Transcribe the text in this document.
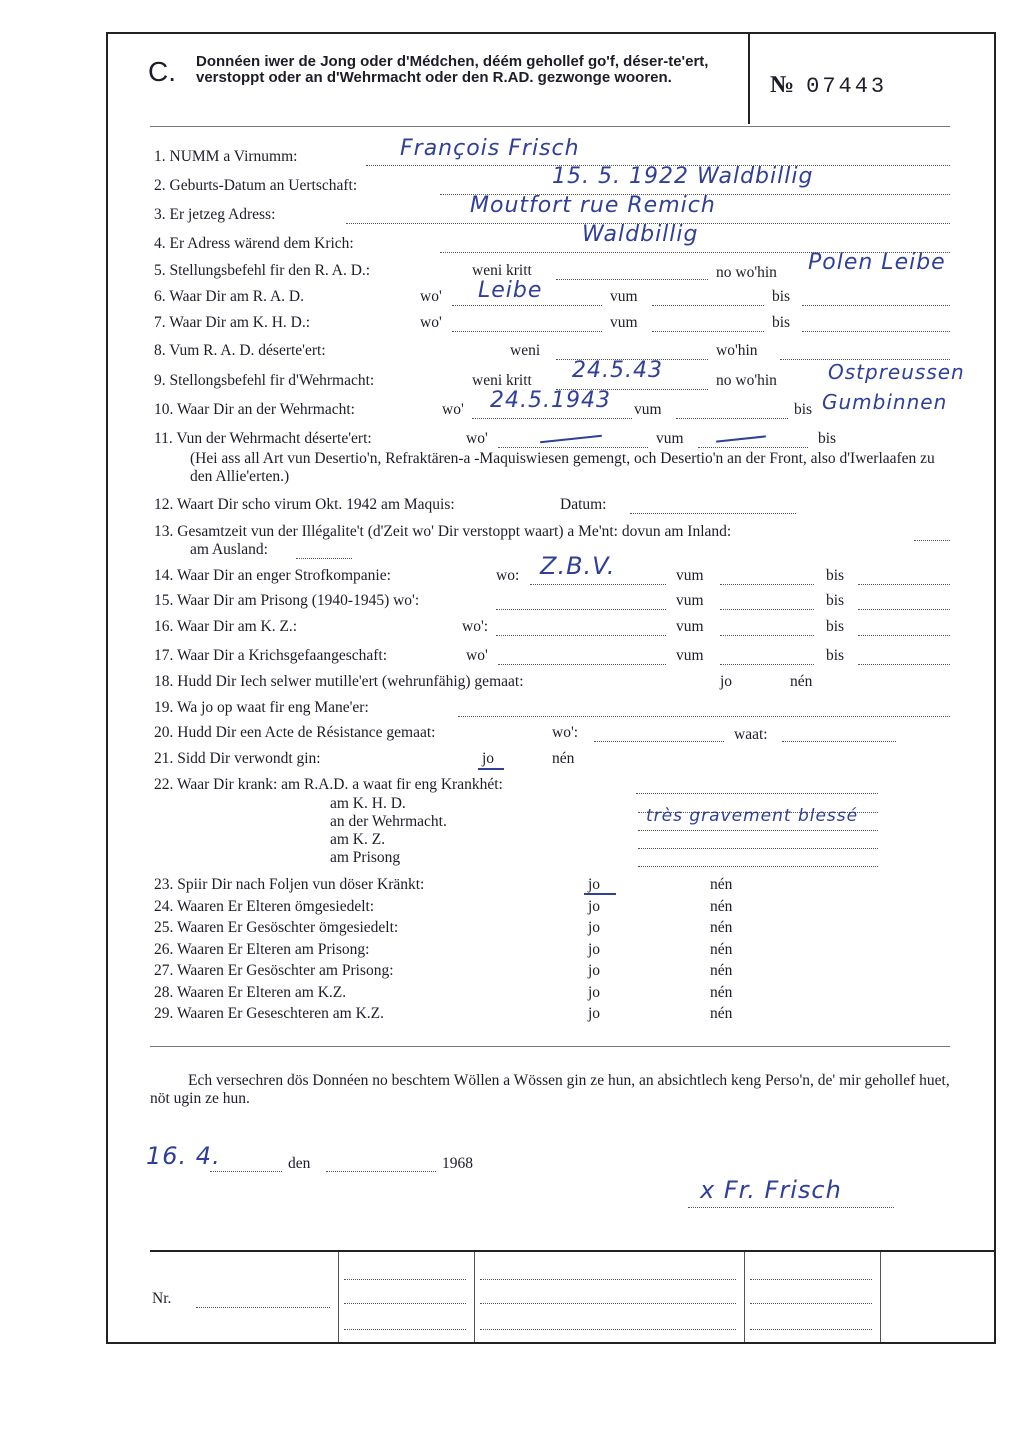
C. Donnéen iwer de Jong oder d'Médchen, déém gehollef go'f, déser-te'ert, verstoppt oder an d'Wehrmacht oder den R.AD. gezwonge wooren.	№ 07443
1. NUMM a Virnumm:	François Frisch
2. Geburts-Datum an Uertschaft:	15. 5. 1922 Waldbillig
3. Er jetzeg Adress:	Moutfort rue Remich
4. Er Adress wärend dem Krich:	Waldbillig
5. Stellungsbefehl fir den R. A. D.:	weni kritt	no wo'hin Polen Leibe
6. Waar Dir am R. A. D.	wo' Leibe	vum	bis
7. Waar Dir am K. H. D.:	wo'	vum	bis
8. Vum R. A. D. déserte'ert:	weni	wo'hin
9. Stellongsbefehl fir d'Wehrmacht:	weni kritt 24.5.43	no wo'hin	Ostpreussen
10. Waar Dir an der Wehrmacht:	wo' 24.5.1943 vum	bis Gumbinnen
11. Vun der Wehrmacht déserte'ert:	wo'	vum	bis
(Hei ass all Art vun Desertio'n, Refraktären-a -Maquiswiesen gemengt, och Desertio'n an der Front, also d'Iwerlaafen zu den Allie'erten.)
12. Waart Dir scho virum Okt. 1942 am Maquis:	Datum:
13. Gesamtzeit vun der Illégalite't (d'Zeit wo' Dir verstoppt waart) a Me'nt: dovun am Inland:
am Ausland:
14. Waar Dir an enger Strofkompanie:	wo: Z.B.V.	vum	bis
15. Waar Dir am Prisong (1940-1945) wo':	vum	bis
16. Waar Dir am K. Z.:	wo':	vum	bis
17. Waar Dir a Krichsgefaangeschaft:	wo'	vum	bis
18. Hudd Dir Iech selwer mutille'ert (wehrunfähig) gemaat:	jo	nén
19. Wa jo op waat fir eng Mane'er:
20. Hudd Dir een Acte de Résistance gemaat:	wo':	waat:
21. Sidd Dir verwondt gin:	jo	nén
22. Waar Dir krank: am R.A.D. a waat fir eng Krankhét:
am K. H. D.
an der Wehrmacht.	très gravement blessé
am K. Z.
am Prisong
23. Spiir Dir nach Foljen vun döser Kränkt:	jo	nén
24. Waaren Er Elteren ömgesiedelt:	jo	nén
25. Waaren Er Gesöschter ömgesiedelt:	jo	nén
26. Waaren Er Elteren am Prisong:	jo	nén
27. Waaren Er Gesöschter am Prisong:	jo	nén
28. Waaren Er Elteren am K.Z.	jo	nén
29. Waaren Er Geseschteren am K.Z.	jo	nén
Ech versechren dös Donnéen no beschtem Wöllen a Wössen gin ze hun, an absichtlech keng Perso'n, de' mir gehollef huet, nöt ugin ze hun.
16. 4.	den	1968
x Fr. Frisch
Nr.
